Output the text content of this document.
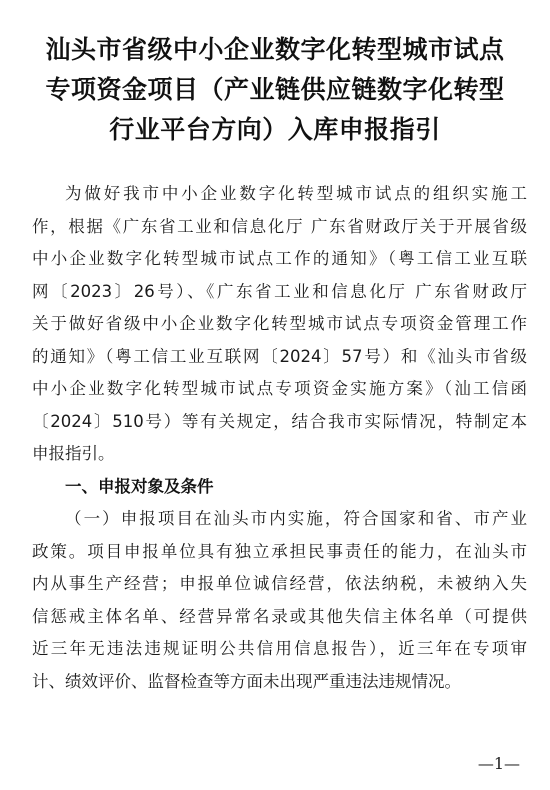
汕头市省级中小企业数字化转型城市试点
专项资金项目（产业链供应链数字化转型
行业平台方向）入库申报指引
为做好我市中小企业数字化转型城市试点的组织实施工
作，根据《广东省工业和信息化厅 广东省财政厅关于开展省级
中小企业数字化转型城市试点工作的通知》（粤工信工业互联
网〔2023〕26号）、《广东省工业和信息化厅 广东省财政厅
关于做好省级中小企业数字化转型城市试点专项资金管理工作
的通知》（粤工信工业互联网〔2024〕57号）和《汕头市省级
中小企业数字化转型城市试点专项资金实施方案》（汕工信函
〔2024〕510号）等有关规定，结合我市实际情况，特制定本
申报指引。
一、申报对象及条件
（一）申报项目在汕头市内实施，符合国家和省、市产业
政策。项目申报单位具有独立承担民事责任的能力，在汕头市
内从事生产经营；申报单位诚信经营，依法纳税，未被纳入失
信惩戒主体名单、经营异常名录或其他失信主体名单（可提供
近三年无违法违规证明公共信用信息报告），近三年在专项审
计、绩效评价、监督检查等方面未出现严重违法违规情况。
—1—
